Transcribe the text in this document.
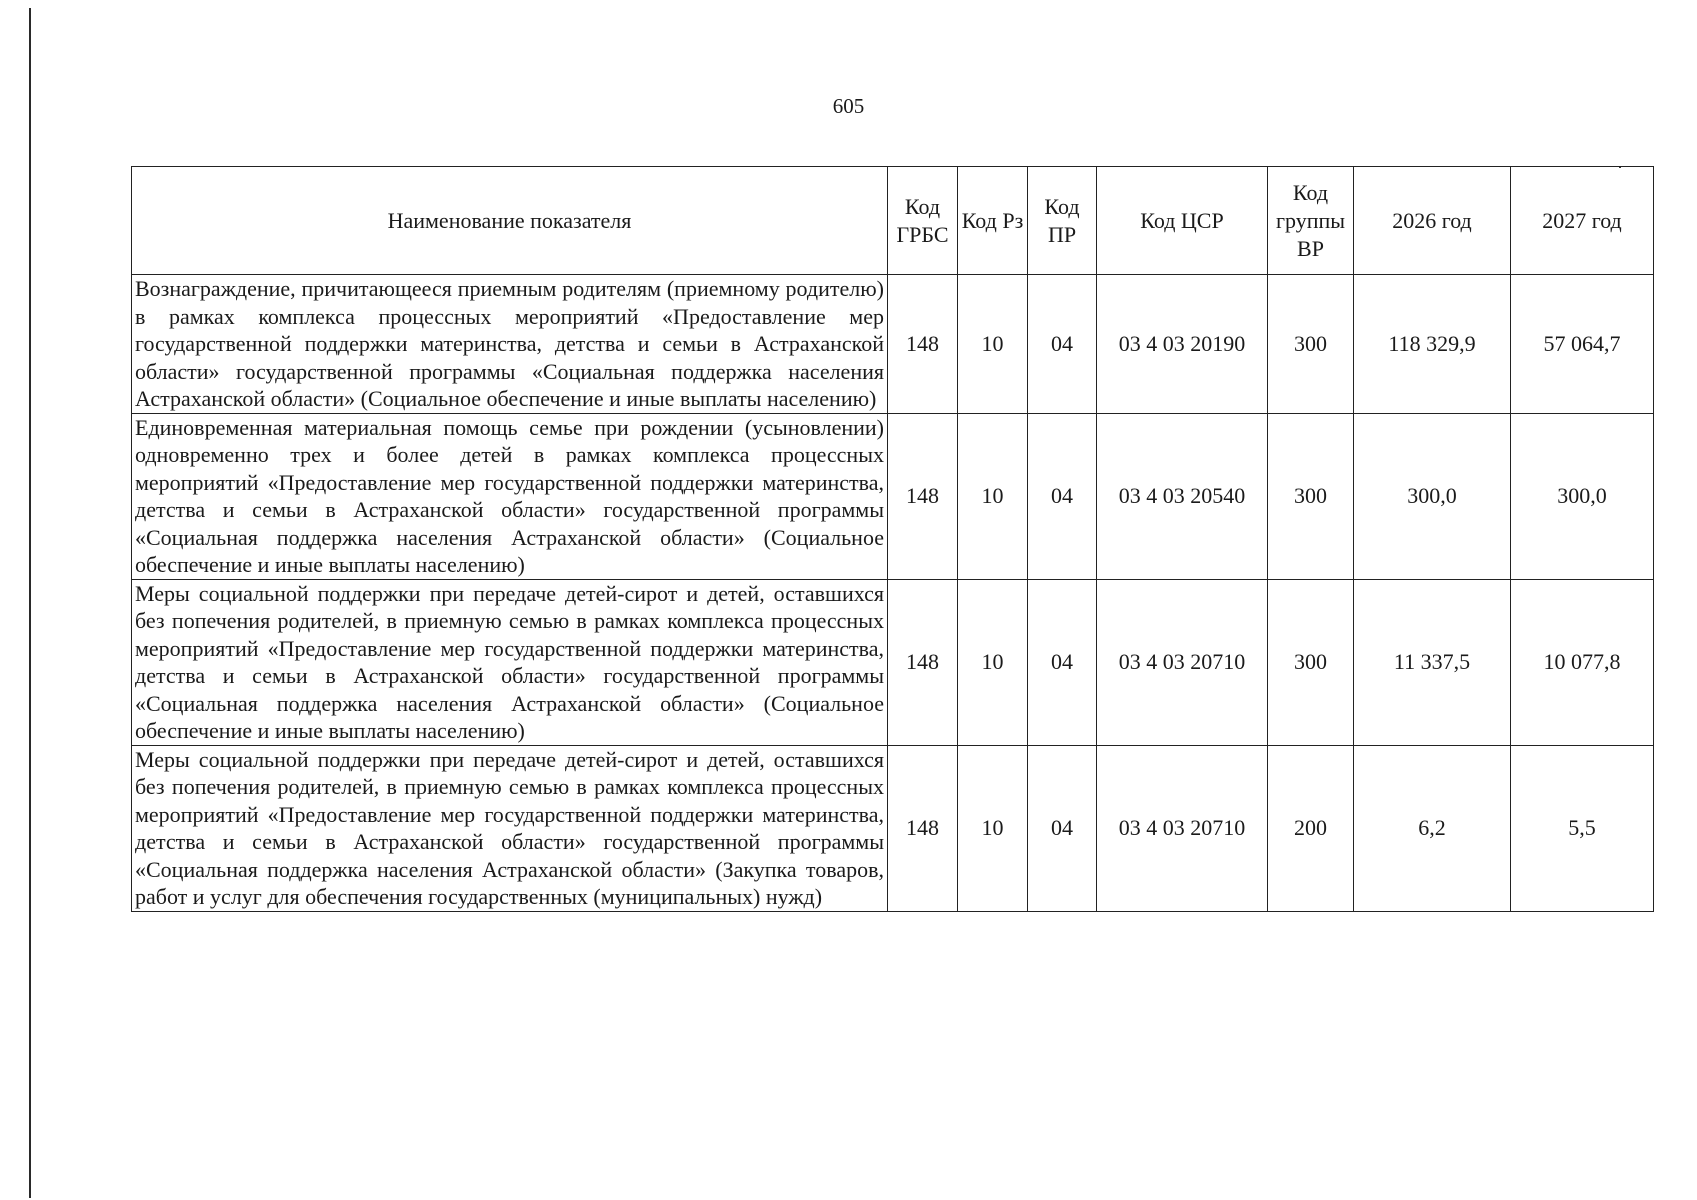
605
Наименование показателя	Код ГРБС	Код Рз	Код ПР	Код ЦСР	Код группы ВР	2026 год	2027 год
Вознаграждение, причитающееся приемным родителям (приемному родителю) в рамках комплекса процессных мероприятий «Предоставление мер государственной поддержки материнства, детства и семьи в Астраханской области» государственной программы «Социальная поддержка населения Астраханской области» (Социальное обеспечение и иные выплаты населению)	148	10	04	03 4 03 20190	300	118 329,9	57 064,7
Единовременная материальная помощь семье при рождении (усыновлении) одновременно трех и более детей в рамках комплекса процессных мероприятий «Предоставление мер государственной поддержки материнства, детства и семьи в Астраханской области» государственной программы «Социальная поддержка населения Астраханской области» (Социальное обеспечение и иные выплаты населению)	148	10	04	03 4 03 20540	300	300,0	300,0
Меры социальной поддержки при передаче детей-сирот и детей, оставшихся без попечения родителей, в приемную семью в рамках комплекса процессных мероприятий «Предоставление мер государственной поддержки материнства, детства и семьи в Астраханской области» государственной программы «Социальная поддержка населения Астраханской области» (Социальное обеспечение и иные выплаты населению)	148	10	04	03 4 03 20710	300	11 337,5	10 077,8
Меры социальной поддержки при передаче детей-сирот и детей, оставшихся без попечения родителей, в приемную семью в рамках комплекса процессных мероприятий «Предоставление мер государственной поддержки материнства, детства и семьи в Астраханской области» государственной программы «Социальная поддержка населения Астраханской области» (Закупка товаров, работ и услуг для обеспечения государственных (муниципальных) нужд)	148	10	04	03 4 03 20710	200	6,2	5,5
